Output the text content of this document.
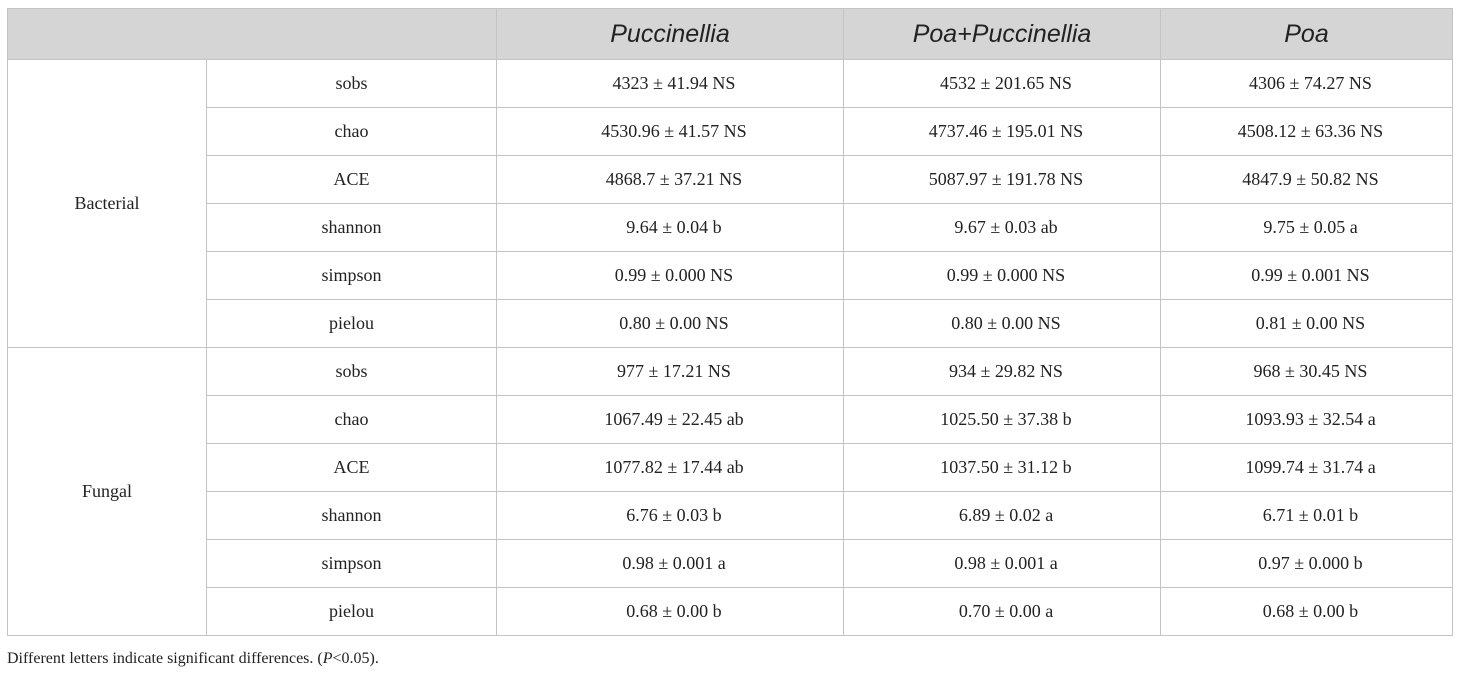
		Puccinellia	Poa+Puccinellia	Poa
Bacterial	sobs	4323 ± 41.94 NS	4532 ± 201.65 NS	4306 ± 74.27 NS
	chao	4530.96 ± 41.57 NS	4737.46 ± 195.01 NS	4508.12 ± 63.36 NS
	ACE	4868.7 ± 37.21 NS	5087.97 ± 191.78 NS	4847.9 ± 50.82 NS
	shannon	9.64 ± 0.04 b	9.67 ± 0.03 ab	9.75 ± 0.05 a
	simpson	0.99 ± 0.000 NS	0.99 ± 0.000 NS	0.99 ± 0.001 NS
	pielou	0.80 ± 0.00 NS	0.80 ± 0.00 NS	0.81 ± 0.00 NS
Fungal	sobs	977 ± 17.21 NS	934 ± 29.82 NS	968 ± 30.45 NS
	chao	1067.49 ± 22.45 ab	1025.50 ± 37.38 b	1093.93 ± 32.54 a
	ACE	1077.82 ± 17.44 ab	1037.50 ± 31.12 b	1099.74 ± 31.74 a
	shannon	6.76 ± 0.03 b	6.89 ± 0.02 a	6.71 ± 0.01 b
	simpson	0.98 ± 0.001 a	0.98 ± 0.001 a	0.97 ± 0.000 b
	pielou	0.68 ± 0.00 b	0.70 ± 0.00 a	0.68 ± 0.00 b
Different letters indicate significant differences. (P<0.05).
